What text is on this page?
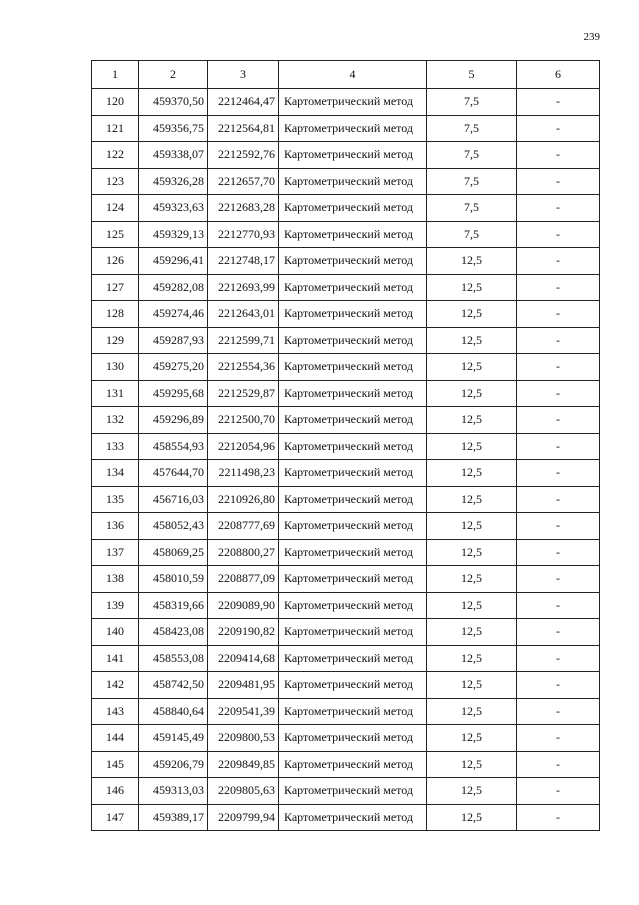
239
1	2	3	4	5	6
120	459370,50	2212464,47	Картометрический метод	7,5	-
121	459356,75	2212564,81	Картометрический метод	7,5	-
122	459338,07	2212592,76	Картометрический метод	7,5	-
123	459326,28	2212657,70	Картометрический метод	7,5	-
124	459323,63	2212683,28	Картометрический метод	7,5	-
125	459329,13	2212770,93	Картометрический метод	7,5	-
126	459296,41	2212748,17	Картометрический метод	12,5	-
127	459282,08	2212693,99	Картометрический метод	12,5	-
128	459274,46	2212643,01	Картометрический метод	12,5	-
129	459287,93	2212599,71	Картометрический метод	12,5	-
130	459275,20	2212554,36	Картометрический метод	12,5	-
131	459295,68	2212529,87	Картометрический метод	12,5	-
132	459296,89	2212500,70	Картометрический метод	12,5	-
133	458554,93	2212054,96	Картометрический метод	12,5	-
134	457644,70	2211498,23	Картометрический метод	12,5	-
135	456716,03	2210926,80	Картометрический метод	12,5	-
136	458052,43	2208777,69	Картометрический метод	12,5	-
137	458069,25	2208800,27	Картометрический метод	12,5	-
138	458010,59	2208877,09	Картометрический метод	12,5	-
139	458319,66	2209089,90	Картометрический метод	12,5	-
140	458423,08	2209190,82	Картометрический метод	12,5	-
141	458553,08	2209414,68	Картометрический метод	12,5	-
142	458742,50	2209481,95	Картометрический метод	12,5	-
143	458840,64	2209541,39	Картометрический метод	12,5	-
144	459145,49	2209800,53	Картометрический метод	12,5	-
145	459206,79	2209849,85	Картометрический метод	12,5	-
146	459313,03	2209805,63	Картометрический метод	12,5	-
147	459389,17	2209799,94	Картометрический метод	12,5	-
